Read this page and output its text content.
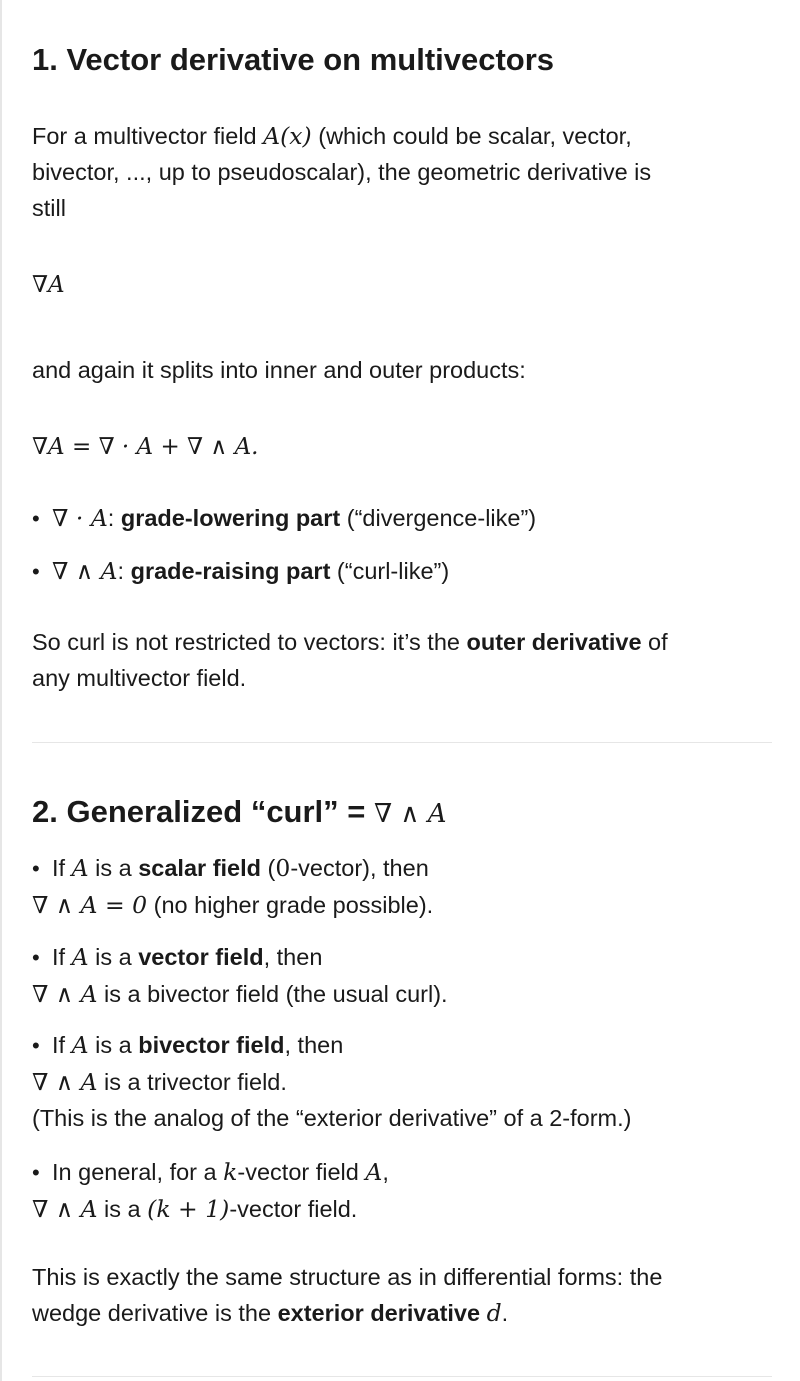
1. Vector derivative on multivectors
For a multivector field A(x) (which could be scalar, vector,
bivector, ..., up to pseudoscalar), the geometric derivative is
still
∇A
and again it splits into inner and outer products:
∇A = ∇ · A + ∇ ∧ A.
• ∇ · A: grade-lowering part (“divergence-like”)
• ∇ ∧ A: grade-raising part (“curl-like”)
So curl is not restricted to vectors: it’s the outer derivative of
any multivector field.
2. Generalized “curl” = ∇ ∧ A
• If A is a scalar field (0-vector), then
∇ ∧ A = 0 (no higher grade possible).
• If A is a vector field, then
∇ ∧ A is a bivector field (the usual curl).
• If A is a bivector field, then
∇ ∧ A is a trivector field.
(This is the analog of the “exterior derivative” of a 2-form.)
• In general, for a k-vector field A,
∇ ∧ A is a (k + 1)-vector field.
This is exactly the same structure as in differential forms: the
wedge derivative is the exterior derivative d.
